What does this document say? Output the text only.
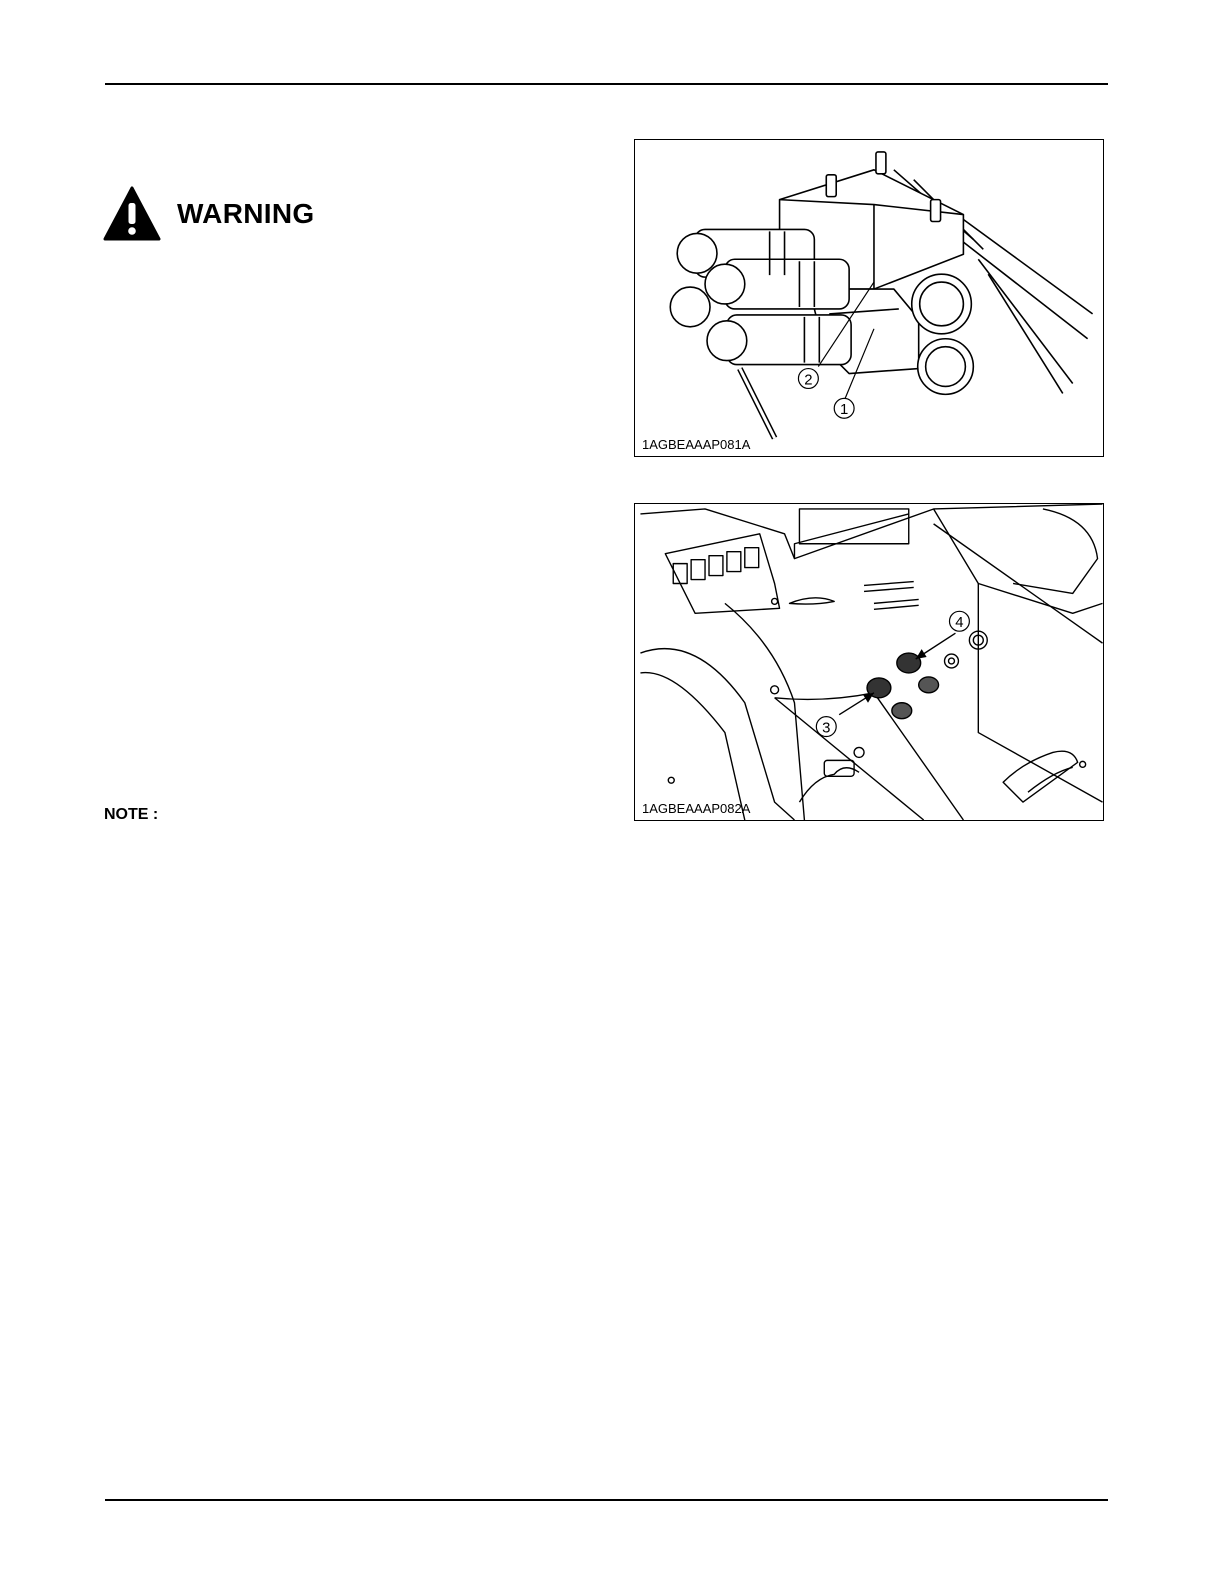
WARNING
NOTE :
2
1
1AGBEAAAP081A
3
4
1AGBEAAAP082A
